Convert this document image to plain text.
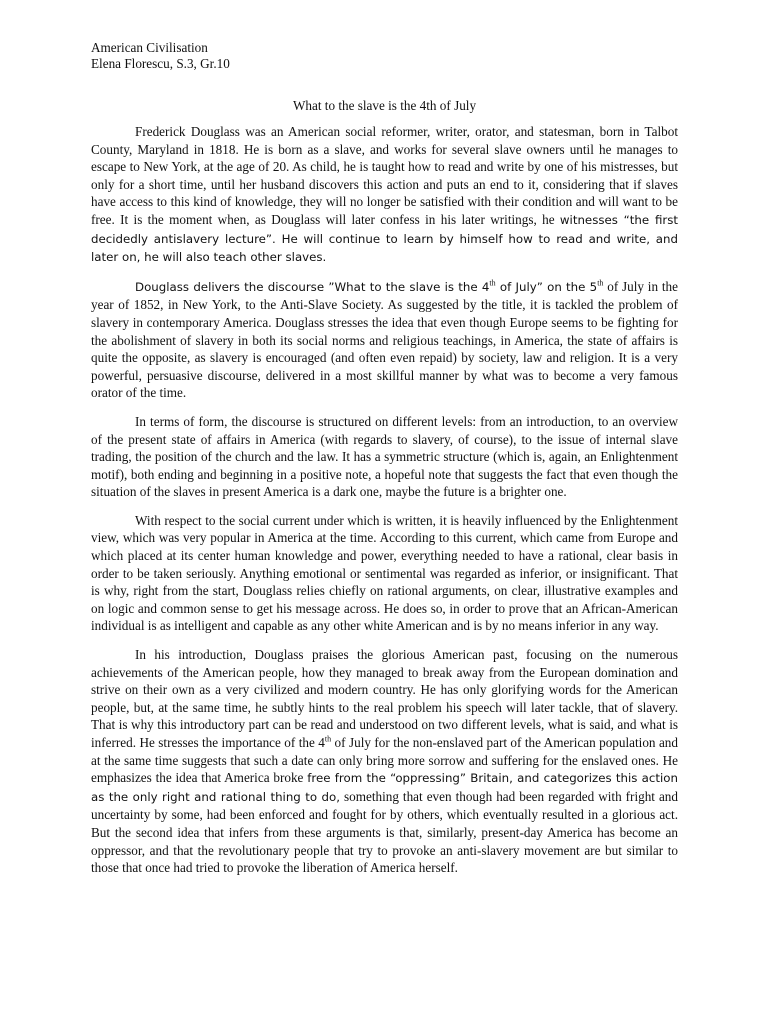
American Civilisation

Elena Florescu, S.3, Gr.10

What to the slave is the 4th of July

Frederick Douglass was an American social reformer, writer, orator, and statesman, born in Talbot County, Maryland in 1818. He is born as a slave, and works for several slave owners until he manages to escape to New York, at the age of 20. As child, he is taught how to read and write by one of his mistresses, but only for a short time, until her husband discovers this action and puts an end to it, considering that if slaves have access to this kind of knowledge, they will no longer be satisfied with their condition and will want to be free. It is the moment when, as Douglass will later confess in his later writings, he witnesses “the first decidedly antislavery lecture”. He will continue to learn by himself how to read and write, and later on, he will also teach other slaves.

Douglass delivers the discourse ”What to the slave is the 4th of July” on the 5th of July in the year of 1852, in New York, to the Anti-Slave Society. As suggested by the title, it is tackled the problem of slavery in contemporary America. Douglass stresses the idea that even though Europe seems to be fighting for the abolishment of slavery in both its social norms and religious teachings, in America, the state of affairs is quite the opposite, as slavery is encouraged (and often even repaid) by society, law and religion. It is a very powerful, persuasive discourse, delivered in a most skillful manner by what was to become a very famous orator of the time.

In terms of form, the discourse is structured on different levels: from an introduction, to an overview of the present state of affairs in America (with regards to slavery, of course), to the issue of internal slave trading, the position of the church and the law. It has a symmetric structure (which is, again, an Enlightenment motif), both ending and beginning in a positive note, a hopeful note that suggests the fact that even though the situation of the slaves in present America is a dark one, maybe the future is a brighter one.

With respect to the social current under which is written, it is heavily influenced by the Enlightenment view, which was very popular in America at the time. According to this current, which came from Europe and which placed at its center human knowledge and power, everything needed to have a rational, clear basis in order to be taken seriously. Anything emotional or sentimental was regarded as inferior, or insignificant. That is why, right from the start, Douglass relies chiefly on rational arguments, on clear, illustrative examples and on logic and common sense to get his message across. He does so, in order to prove that an African-American individual is as intelligent and capable as any other white American and is by no means inferior in any way.

In his introduction, Douglass praises the glorious American past, focusing on the numerous achievements of the American people, how they managed to break away from the European domination and strive on their own as a very civilized and modern country. He has only glorifying words for the American people, but, at the same time, he subtly hints to the real problem his speech will later tackle, that of slavery. That is why this introductory part can be read and understood on two different levels, what is said, and what is inferred. He stresses the importance of the 4th of July for the non-enslaved part of the American population and at the same time suggests that such a date can only bring more sorrow and suffering for the enslaved ones. He emphasizes the idea that America broke free from the “oppressing” Britain, and categorizes this action as the only right and rational thing to do, something that even though had been regarded with fright and uncertainty by some, had been enforced and fought for by others, which eventually resulted in a glorious act. But the second idea that infers from these arguments is that, similarly, present-day America has become an oppressor, and that the revolutionary people that try to provoke an anti-slavery movement are but similar to those that once had tried to provoke the liberation of America herself.
